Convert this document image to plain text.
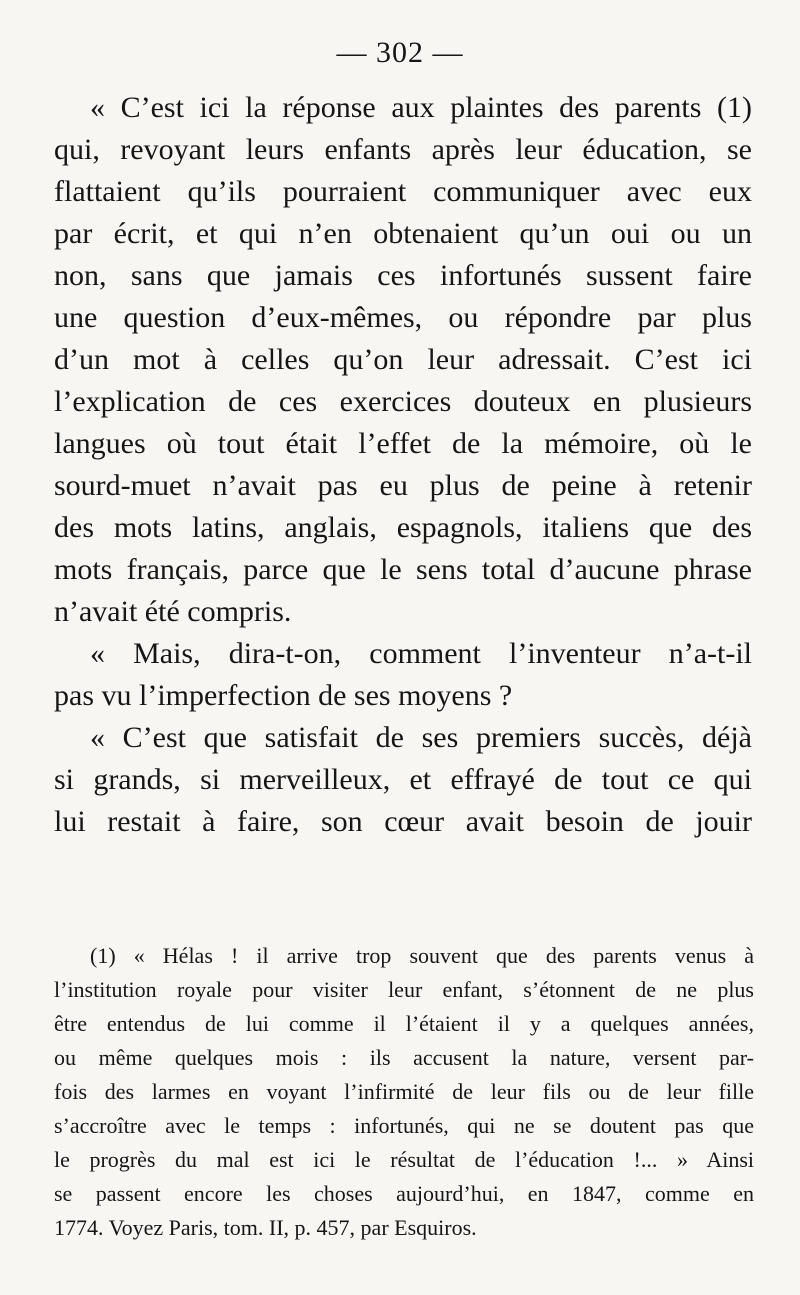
— 302 —
« C’est ici la réponse aux plaintes des parents (1)
qui, revoyant leurs enfants après leur éducation, se
flattaient qu’ils pourraient communiquer avec eux
par écrit, et qui n’en obtenaient qu’un oui ou un
non, sans que jamais ces infortunés sussent faire
une question d’eux-mêmes, ou répondre par plus
d’un mot à celles qu’on leur adressait. C’est ici
l’explication de ces exercices douteux en plusieurs
langues où tout était l’effet de la mémoire, où le
sourd-muet n’avait pas eu plus de peine à retenir
des mots latins, anglais, espagnols, italiens que des
mots français, parce que le sens total d’aucune phrase
n’avait été compris.
« Mais, dira-t-on, comment l’inventeur n’a-t-il
pas vu l’imperfection de ses moyens ?
« C’est que satisfait de ses premiers succès, déjà
si grands, si merveilleux, et effrayé de tout ce qui
lui restait à faire, son cœur avait besoin de jouir
(1) « Hélas ! il arrive trop souvent que des parents venus à
l’institution royale pour visiter leur enfant, s’étonnent de ne plus
être entendus de lui comme il l’étaient il y a quelques années,
ou même quelques mois : ils accusent la nature, versent par-
fois des larmes en voyant l’infirmité de leur fils ou de leur fille
s’accroître avec le temps : infortunés, qui ne se doutent pas que
le progrès du mal est ici le résultat de l’éducation !... » Ainsi
se passent encore les choses aujourd’hui, en 1847, comme en
1774. Voyez Paris, tom. II, p. 457, par Esquiros.
